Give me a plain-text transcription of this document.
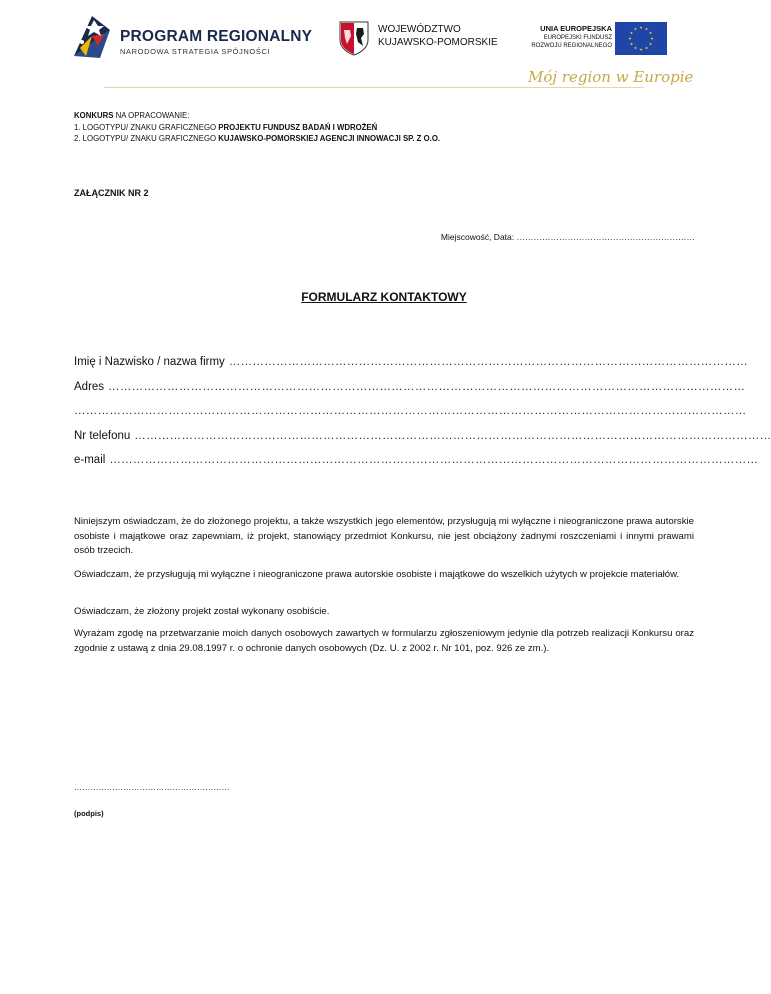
PROGRAM REGIONALNY
NARODOWA STRATEGIA SPÓJNOŚCI
WOJEWÓDZTWO
KUJAWSKO-POMORSKIE
UNIA EUROPEJSKA
EUROPEJSKI FUNDUSZ
ROZWOJU REGIONALNEGO
Mój region w Europie
KONKURS NA OPRACOWANIE:
1. LOGOTYPU/ ZNAKU GRAFICZNEGO PROJEKTU FUNDUSZ BADAŃ I WDROŻEŃ
2. LOGOTYPU/ ZNAKU GRAFICZNEGO KUJAWSKO-POMORSKIEJ AGENCJI INNOWACJI SP. Z O.O.
ZAŁĄCZNIK NR 2
Miejscowość, Data: ………………………………………………………
FORMULARZ KONTAKTOWY
Imię i Nazwisko / nazwa firmy ……………………………………………………………………………………………………………………
Adres ………………………………………………………………………………………………………………………………………………
………………………………………………………………………………………………………………………………………………………
Nr telefonu ………………………………………………………………………………………………………………………………………………
e-mail …………………………………………………………………………………………………………………………………………………
Niniejszym oświadczam, że do złożonego projektu, a także wszystkich jego elementów, przysługują mi wyłączne i nieograniczone prawa autorskie osobiste i majątkowe oraz zapewniam, iż projekt, stanowiący przedmiot Konkursu, nie jest obciążony żadnymi roszczeniami i innymi prawami osób trzecich.
Oświadczam, że przysługują mi wyłączne i nieograniczone prawa autorskie osobiste i majątkowe do wszelkich użytych w projekcie materiałów.
Oświadczam, że złożony projekt został wykonany osobiście.
Wyrażam zgodę na przetwarzanie moich danych osobowych zawartych w formularzu zgłoszeniowym jedynie dla potrzeb realizacji Konkursu oraz zgodnie z ustawą z dnia 29.08.1997 r. o ochronie danych osobowych (Dz. U. z 2002 r. Nr 101, poz. 926 ze zm.).
…………………………………………………
(podpis)
